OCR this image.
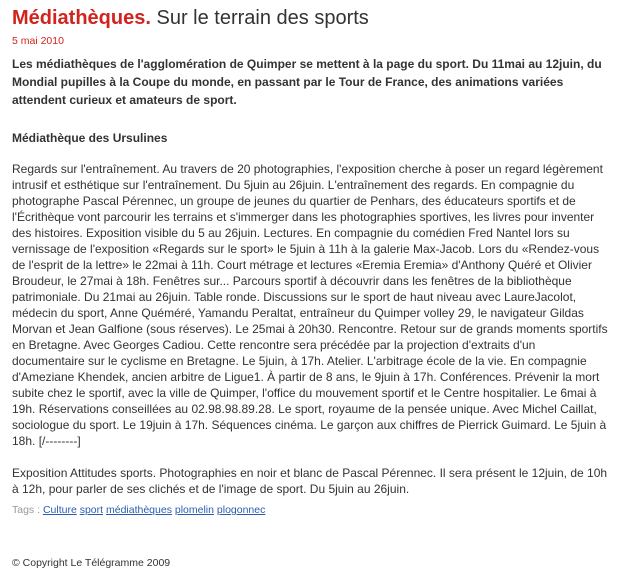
Médiathèques. Sur le terrain des sports
5 mai 2010
Les médiathèques de l'agglomération de Quimper se mettent à la page du sport. Du 11mai au 12juin, du Mondial pupilles à la Coupe du monde, en passant par le Tour de France, des animations variées attendent curieux et amateurs de sport.
Médiathèque des Ursulines

Regards sur l'entraînement. Au travers de 20 photographies, l'exposition cherche à poser un regard légèrement intrusif et esthétique sur l'entraînement. Du 5juin au 26juin. L'entraînement des regards. En compagnie du photographe Pascal Pérennec, un groupe de jeunes du quartier de Penhars, des éducateurs sportifs et de l'Écrithèque vont parcourir les terrains et s'immerger dans les photographies sportives, les livres pour inventer des histoires. Exposition visible du 5 au 26juin. Lectures. En compagnie du comédien Fred Nantel lors su vernissage de l'exposition «Regards sur le sport» le 5juin à 11h à la galerie Max-Jacob. Lors du «Rendez-vous de l'esprit de la lettre» le 22mai à 11h. Court métrage et lectures «Eremia Eremia» d'Anthony Quéré et Olivier Broudeur, le 27mai à 18h. Fenêtres sur... Parcours sportif à découvrir dans les fenêtres de la bibliothèque patrimoniale. Du 21mai au 26juin. Table ronde. Discussions sur le sport de haut niveau avec LaureJacolot, médecin du sport, Anne Quéméré, Yamandu Peraltat, entraîneur du Quimper volley 29, le navigateur Gildas Morvan et Jean Galfione (sous réserves). Le 25mai à 20h30. Rencontre. Retour sur de grands moments sportifs en Bretagne. Avec Georges Cadiou. Cette rencontre sera précédée par la projection d'extraits d'un documentaire sur le cyclisme en Bretagne. Le 5juin, à 17h. Atelier. L'arbitrage école de la vie. En compagnie d'Ameziane Khendek, ancien arbitre de Ligue1. À partir de 8 ans, le 9juin à 17h. Conférences. Prévenir la mort subite chez le sportif, avec la ville de Quimper, l'office du mouvement sportif et le Centre hospitalier. Le 6mai à 19h. Réservations conseillées au 02.98.98.89.28. Le sport, royaume de la pensée unique. Avec Michel Caillat, sociologue du sport. Le 19juin à 17h. Séquences cinéma. Le garçon aux chiffres de Pierrick Guimard. Le 5juin à 18h. [/--------]

Exposition Attitudes sports. Photographies en noir et blanc de Pascal Pérennec. Il sera présent le 12juin, de 10h à 12h, pour parler de ses clichés et de l'image de sport. Du 5juin au 26juin.

Tags : Culture sport médiathèques plomelin plogonnec
© Copyright Le Télégramme 2009
